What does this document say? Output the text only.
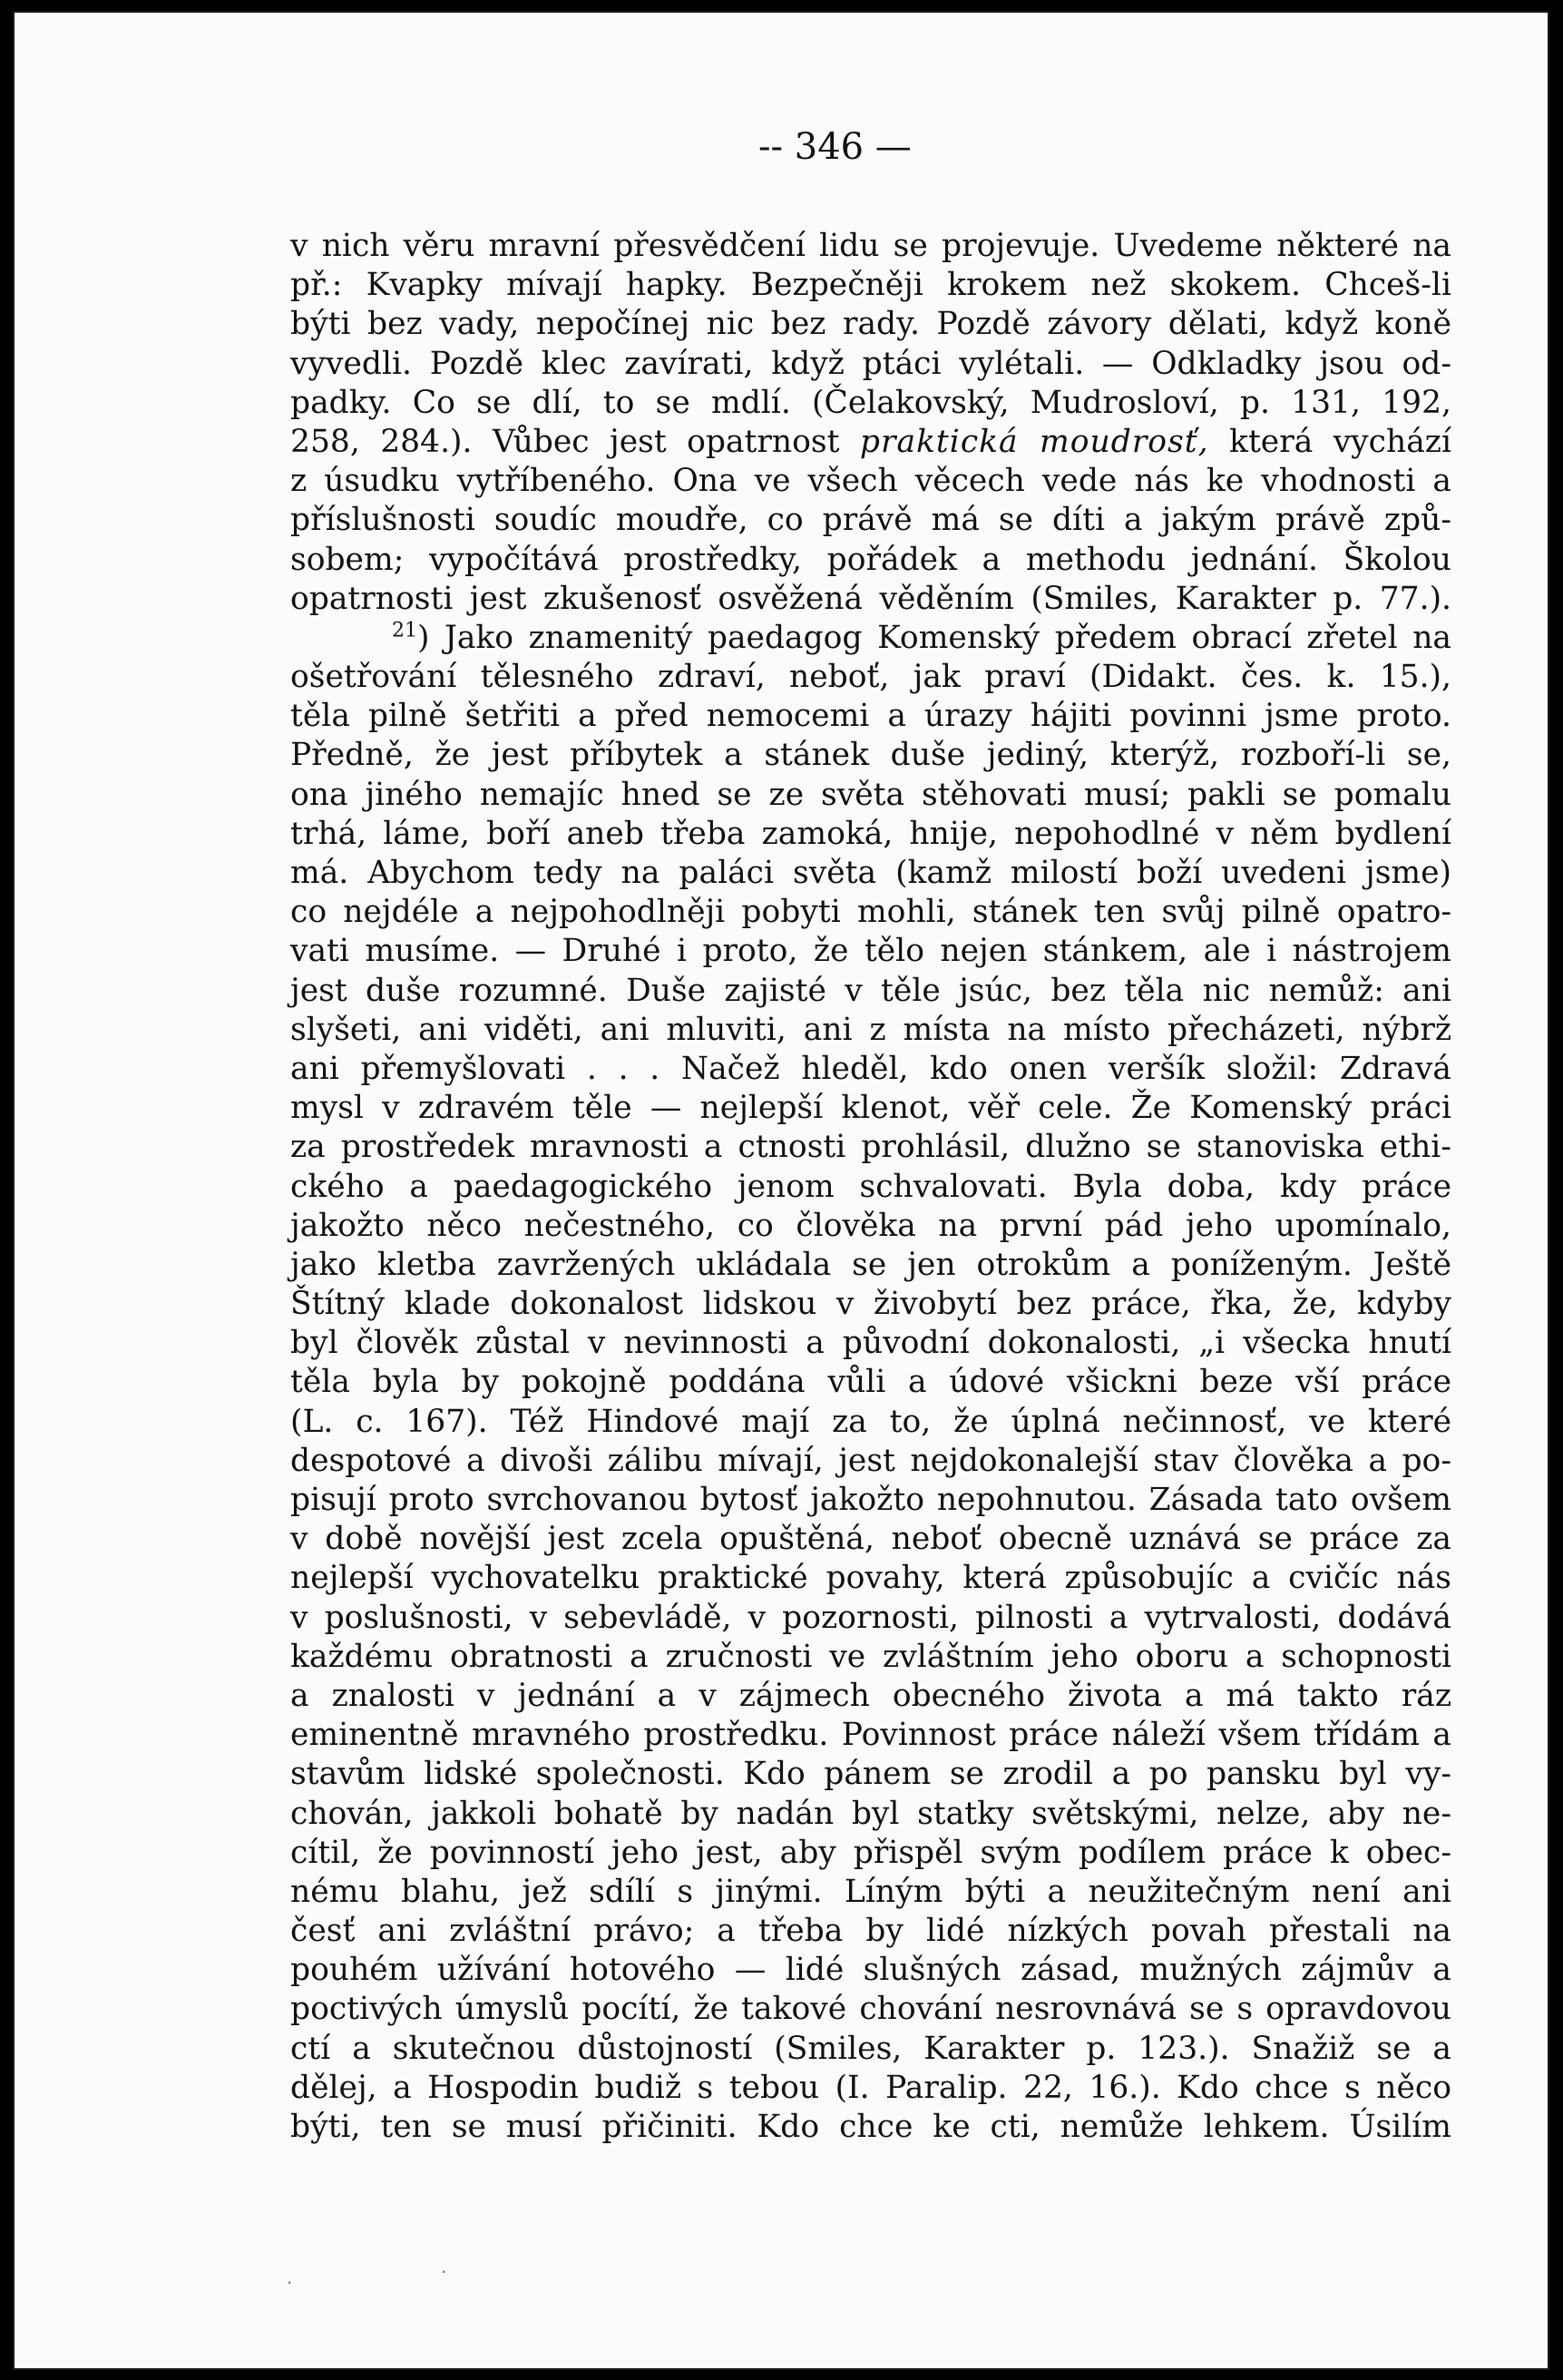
-- 346 —
v nich věru mravní přesvědčení lidu se projevuje. Uvedeme některé na
př.: Kvapky mívají hapky. Bezpečněji krokem než skokem. Chceš-li
býti bez vady, nepočínej nic bez rady. Pozdě závory dělati, když koně
vyvedli. Pozdě klec zavírati, když ptáci vylétali. — Odkladky jsou od-
padky. Co se dlí, to se mdlí. (Čelakovský, Mudrosloví, p. 131, 192,
258, 284.). Vůbec jest opatrnost praktická moudrosť, která vychází
z úsudku vytříbeného. Ona ve všech věcech vede nás ke vhodnosti a
příslušnosti soudíc moudře, co právě má se díti a jakým právě způ-
sobem; vypočítává prostředky, pořádek a methodu jednání. Školou
opatrnosti jest zkušenosť osvěžená věděním (Smiles, Karakter p. 77.).
$^{21}$) Jako znamenitý paedagog Komenský předem obrací zřetel na
ošetřování tělesného zdraví, neboť, jak praví (Didakt. čes. k. 15.),
těla pilně šetřiti a před nemocemi a úrazy hájiti povinni jsme proto.
Předně, že jest příbytek a stánek duše jediný, kterýž, rozboří-li se,
ona jiného nemajíc hned se ze světa stěhovati musí; pakli se pomalu
trhá, láme, boří aneb třeba zamoká, hnije, nepohodlné v něm bydlení
má. Abychom tedy na paláci světa (kamž milostí boží uvedeni jsme)
co nejdéle a nejpohodlněji pobyti mohli, stánek ten svůj pilně opatro-
vati musíme. — Druhé i proto, že tělo nejen stánkem, ale i nástrojem
jest duše rozumné. Duše zajisté v těle jsúc, bez těla nic nemůž: ani
slyšeti, ani viděti, ani mluviti, ani z místa na místo přecházeti, nýbrž
ani přemyšlovati . . . Načež hleděl, kdo onen veršík složil: Zdravá
mysl v zdravém těle — nejlepší klenot, věř cele. Že Komenský práci
za prostředek mravnosti a ctnosti prohlásil, dlužno se stanoviska ethi-
ckého a paedagogického jenom schvalovati. Byla doba, kdy práce
jakožto něco nečestného, co člověka na první pád jeho upomínalo,
jako kletba zavržených ukládala se jen otrokům a poníženým. Ještě
Štítný klade dokonalost lidskou v živobytí bez práce, řka, že, kdyby
byl člověk zůstal v nevinnosti a původní dokonalosti, „i všecka hnutí
těla byla by pokojně poddána vůli a údové všickni beze vší práce
(L. c. 167). Též Hindové mají za to, že úplná nečinnosť, ve které
despotové a divoši zálibu mívají, jest nejdokonalejší stav člověka a po-
pisují proto svrchovanou bytosť jakožto nepohnutou. Zásada tato ovšem
v době novější jest zcela opuštěná, neboť obecně uznává se práce za
nejlepší vychovatelku praktické povahy, která způsobujíc a cvičíc nás
v poslušnosti, v sebevládě, v pozornosti, pilnosti a vytrvalosti, dodává
každému obratnosti a zručnosti ve zvláštním jeho oboru a schopnosti
a znalosti v jednání a v zájmech obecného života a má takto ráz
eminentně mravného prostředku. Povinnost práce náleží všem třídám a
stavům lidské společnosti. Kdo pánem se zrodil a po pansku byl vy-
chován, jakkoli bohatě by nadán byl statky světskými, nelze, aby ne-
cítil, že povinností jeho jest, aby přispěl svým podílem práce k obec-
nému blahu, jež sdílí s jinými. Líným býti a neužitečným není ani
česť ani zvláštní právo; a třeba by lidé nízkých povah přestali na
pouhém užívání hotového — lidé slušných zásad, mužných zájmův a
poctivých úmyslů pocítí, že takové chování nesrovnává se s opravdovou
ctí a skutečnou důstojností (Smiles, Karakter p. 123.). Snažiž se a
dělej, a Hospodin budiž s tebou (I. Paralip. 22, 16.). Kdo chce s něco
býti, ten se musí přičiniti. Kdo chce ke cti, nemůže lehkem. Úsilím
·	·
